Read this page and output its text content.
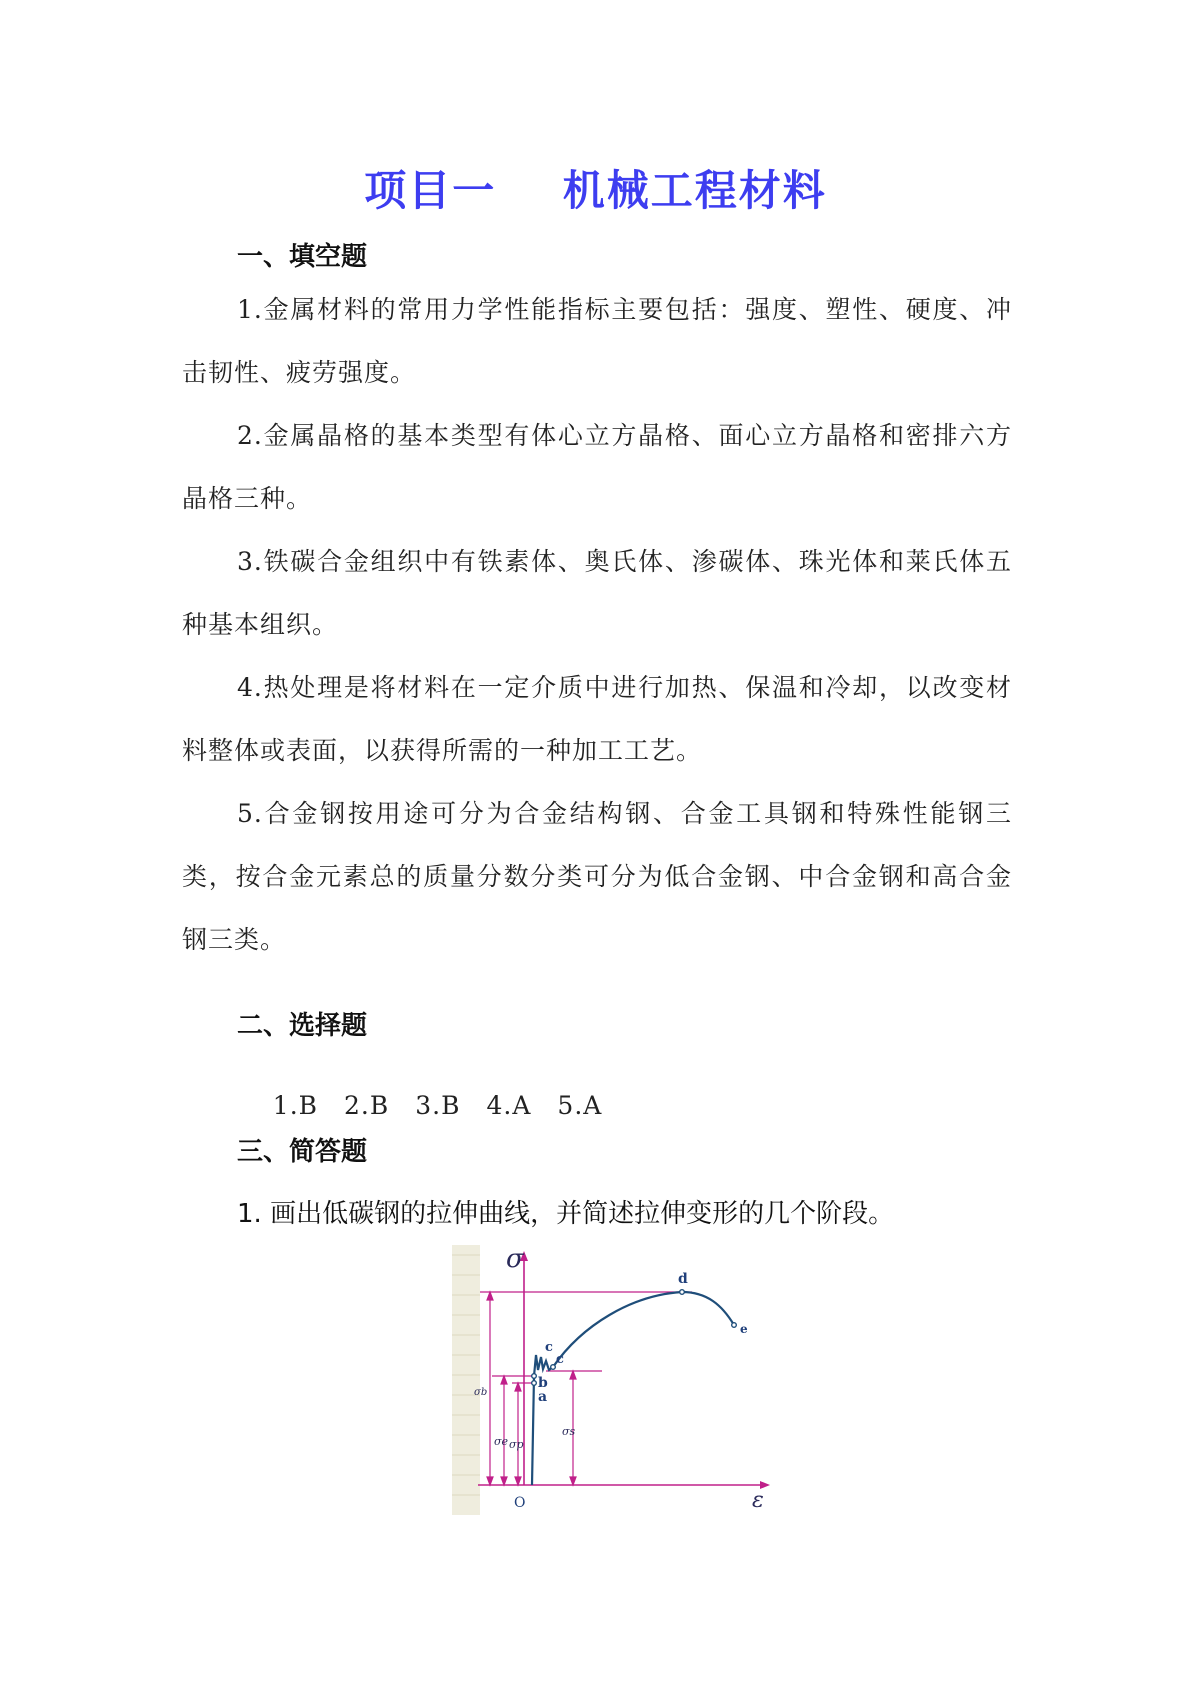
项目一    机械工程材料
一、填空题

1.金属材料的常用力学性能指标主要包括：强度、塑性、硬度、冲击韧性、疲劳强度。

2.金属晶格的基本类型有体心立方晶格、面心立方晶格和密排六方晶格三种。

3.铁碳合金组织中有铁素体、奥氏体、渗碳体、珠光体和莱氏体五种基本组织。

4.热处理是将材料在一定介质中进行加热、保温和冷却，以改变材料整体或表面，以获得所需的一种加工工艺。

5.合金钢按用途可分为合金结构钢、合金工具钢和特殊性能钢三类，按合金元素总的质量分数分类可分为低合金钢、中合金钢和高合金钢三类。

二、选择题

1.B 2.B 3.B 4.A 5.A

三、简答题

1. 画出低碳钢的拉伸曲线，并简述拉伸变形的几个阶段。

σ
ε
O
a
b
c
c
d
e
σb
σe σp
σs
